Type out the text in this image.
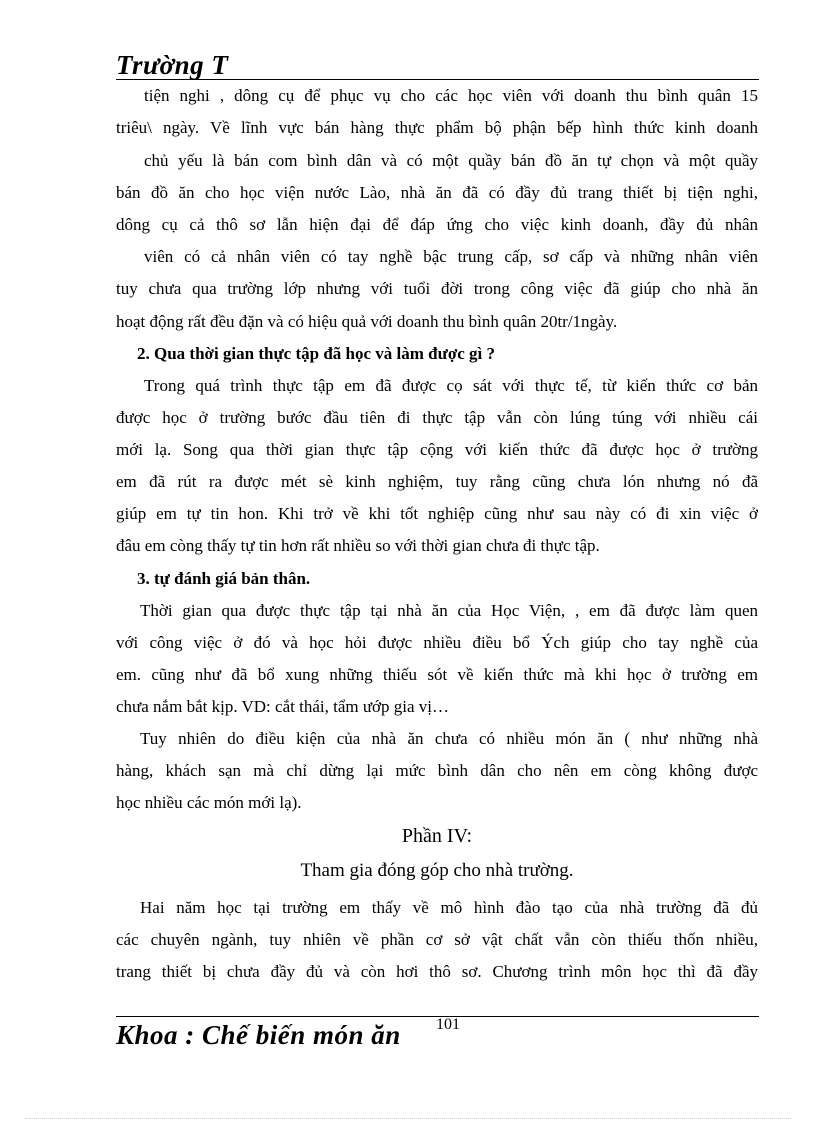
Trường T
tiện nghi , dông cụ để phục vụ cho các học viên với doanh thu bình quân 15
triêu\ ngày. Về lĩnh vực bán hàng thực phẩm bộ phận bếp hình thức kinh doanh
chủ yếu là bán com bình dân và có một quầy bán đồ ăn tự chọn và một quầy
bán đồ ăn cho học viện nước Lào, nhà ăn đã có đầy đủ trang thiết bị tiện nghi,
dông cụ cả thô sơ lẫn hiện đại để đáp ứng cho việc kinh doanh, đầy đủ nhân
viên có cả nhân viên có tay nghề bậc trung cấp, sơ cấp và những nhân viên
tuy chưa qua trường lớp nhưng với tuổi đời trong công việc đã giúp cho nhà ăn
hoạt động rất đều đặn và có hiệu quả với doanh thu bình quân 20tr/1ngày.
2. Qua thời gian thực tập đã học và làm được gì ?
Trong quá trình thực tập em đã được cọ sát với thực tế, từ kiến thức cơ bản
được học ở trường bước đầu tiên đi thực tập vẫn còn lúng túng với nhiều cái
mới lạ. Song qua thời gian thực tập cộng với kiến thức đã được học ở trường
em đã rút ra được mét sè kinh nghiệm, tuy rằng cũng chưa lón nhưng nó đã
giúp em tự tin hon. Khi trở về khi tốt nghiệp cũng như sau này có đi xin việc ở
đâu em còng thấy tự tin hơn rất nhiều so với thời gian chưa đi thực tập.
3. tự đánh giá bản thân.
Thời gian qua được thực tập tại nhà ăn của Học Viện, , em đã được làm quen
với công việc ở đó và học hỏi được nhiều điều bổ Ých giúp cho tay nghề của
em. cũng như đã bổ xung những thiếu sót về kiến thức mà khi học ở trường em
chưa nắm bắt kịp. VD: cắt thái, tẩm ướp gia vị…
Tuy nhiên do điều kiện của nhà ăn chưa có nhiều món ăn ( như những nhà
hàng, khách sạn mà chỉ dừng lại mức bình dân cho nên em còng không được
học nhiều các món mới lạ).
Phần IV:
Tham gia đóng góp cho nhà trường.
Hai năm học tại trường em thấy về mô hình đào tạo của nhà trường đã đủ
các chuyên ngành, tuy nhiên về phần cơ sở vật chất vẫn còn thiếu thốn nhiều,
trang thiết bị chưa đầy đủ và còn hơi thô sơ. Chương trình môn học thì đã đầy
Khoa : Chế biến món ăn 101
